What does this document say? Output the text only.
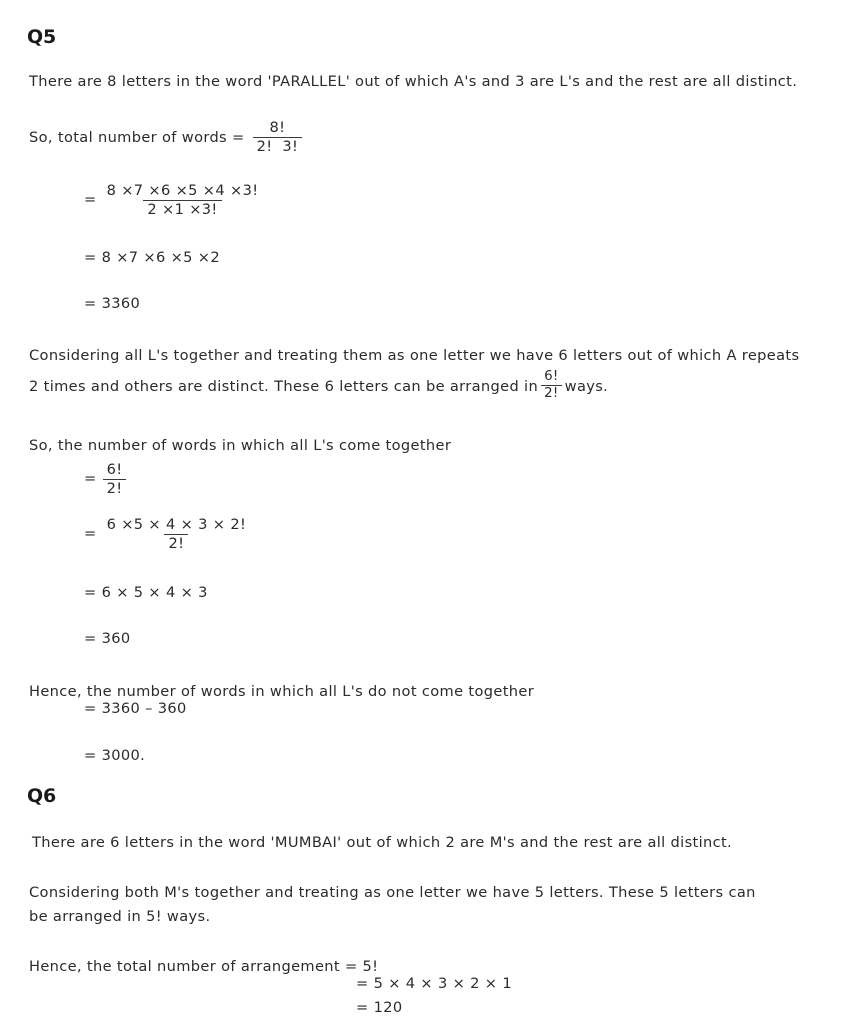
Q5
There are 8 letters in the word 'PARALLEL' out of which A's and 3 are L's and the rest are all distinct.
So, total number of words = $\frac{8!}{2! 3!}$
= $\frac{8 \times 7 \times 6 \times 5 \times 4 \times 3!}{2 \times 1 \times 3!}$
= 8 ×7 ×6 ×5 ×2
= 3360
Considering all L's together and treating them as one letter we have 6 letters out of which A repeats
2 times and others are distinct. These 6 letters can be arranged in $\frac{6!}{2!}$ ways.
So, the number of words in which all L's come together
= $\frac{6!}{2!}$
= $\frac{6 \times 5 \times 4 \times 3 \times 2!}{2!}$
= 6 × 5 × 4 × 3
= 360
Hence, the number of words in which all L's do not come together
= 3360 – 360
= 3000.
Q6
There are 6 letters in the word 'MUMBAI' out of which 2 are M's and the rest are all distinct.
Considering both M's together and treating as one letter we have 5 letters. These 5 letters can
be arranged in 5! ways.
Hence, the total number of arrangement = 5!
= 5 × 4 × 3 × 2 × 1
= 120
